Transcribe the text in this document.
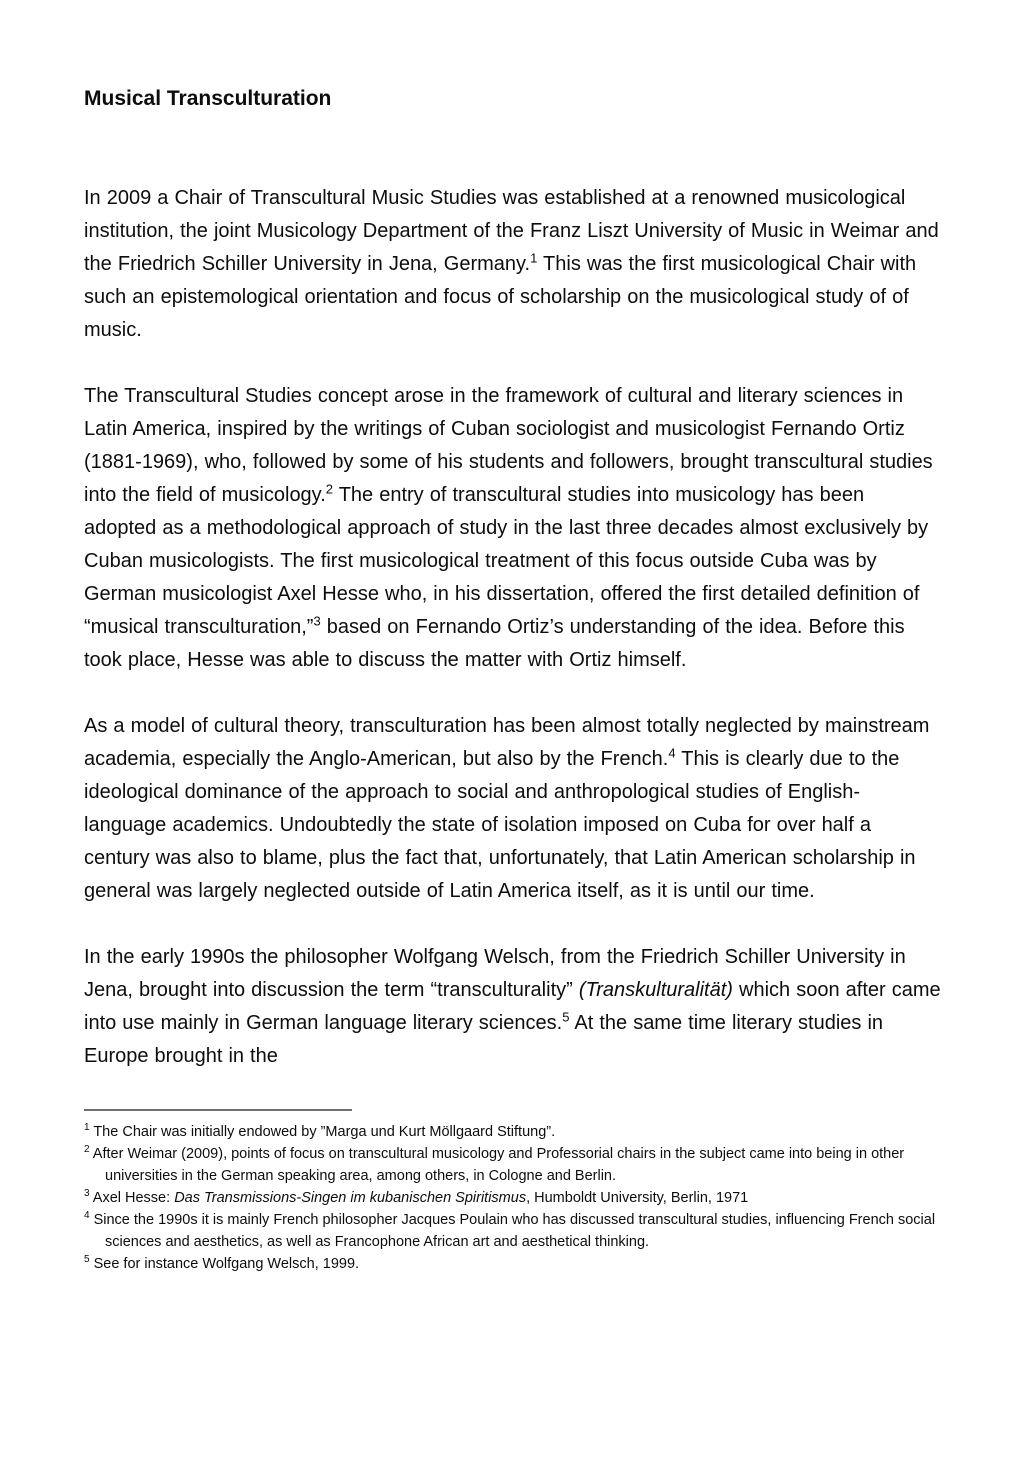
Musical Transculturation

In 2009 a Chair of Transcultural Music Studies was established at a renowned musicological institution, the joint Musicology Department of the Franz Liszt University of Music in Weimar and the Friedrich Schiller University in Jena, Germany.$^1$ This was the first musicological Chair with such an epistemological orientation and focus of scholarship on the musicological study of of music.

The Transcultural Studies concept arose in the framework of cultural and literary sciences in Latin America, inspired by the writings of Cuban sociologist and musicologist Fernando Ortiz (1881-1969), who, followed by some of his students and followers, brought transcultural studies into the field of musicology.$^2$ The entry of transcultural studies into musicology has been adopted as a methodological approach of study in the last three decades almost exclusively by Cuban musicologists. The first musicological treatment of this focus outside Cuba was by German musicologist Axel Hesse who, in his dissertation, offered the first detailed definition of “musical transculturation,”$^3$ based on Fernando Ortiz’s understanding of the idea. Before this took place, Hesse was able to discuss the matter with Ortiz himself.

As a model of cultural theory, transculturation has been almost totally neglected by mainstream academia, especially the Anglo-American, but also by the French.$^4$ This is clearly due to the ideological dominance of the approach to social and anthropological studies of English-language academics. Undoubtedly the state of isolation imposed on Cuba for over half a century was also to blame, plus the fact that, unfortunately, that Latin American scholarship in general was largely neglected outside of Latin America itself, as it is until our time.

In the early 1990s the philosopher Wolfgang Welsch, from the Friedrich Schiller University in Jena, brought into discussion the term “transculturality” (Transkulturalität) which soon after came into use mainly in German language literary sciences.$^5$ At the same time literary studies in Europe brought in the

$^1$ The Chair was initially endowed by ”Marga und Kurt Möllgaard Stiftung”.

$^2$ After Weimar (2009), points of focus on transcultural musicology and Professorial chairs in the subject came into being in other universities in the German speaking area, among others, in Cologne and Berlin.

$^3$ Axel Hesse: Das Transmissions-Singen im kubanischen Spiritismus, Humboldt University, Berlin, 1971

$^4$ Since the 1990s it is mainly French philosopher Jacques Poulain who has discussed transcultural studies, influencing French social sciences and aesthetics, as well as Francophone African art and aesthetical thinking.

$^5$ See for instance Wolfgang Welsch, 1999.
